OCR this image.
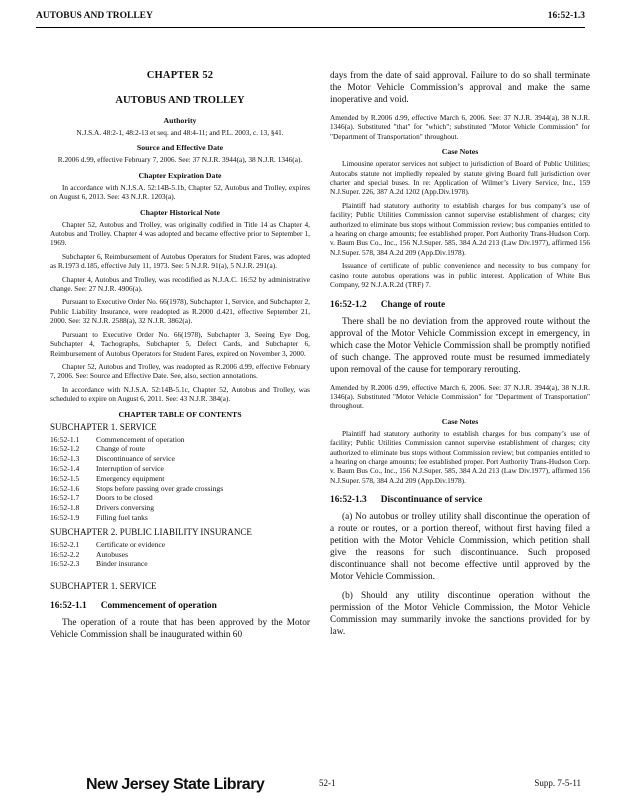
AUTOBUS AND TROLLEY	16:52-1.3
CHAPTER 52
AUTOBUS AND TROLLEY
Authority
N.J.S.A. 48:2-1, 48:2-13 et seq. and 48:4-11; and P.L. 2003, c. 13, §41.
Source and Effective Date
R.2006 d.99, effective February 7, 2006. See: 37 N.J.R. 3944(a), 38 N.J.R. 1346(a).
Chapter Expiration Date
In accordance with N.J.S.A. 52:14B-5.1b, Chapter 52, Autobus and Trolley, expires on August 6, 2013. See: 43 N.J.R. 1203(a).
Chapter Historical Note
Chapter 52, Autobus and Trolley, was originally codified in Title 14 as Chapter 4, Autobus and Trolley. Chapter 4 was adopted and became effective prior to September 1, 1969.
Subchapter 6, Reimbursement of Autobus Operators for Student Fares, was adopted as R.1973 d.185, effective July 11, 1973. See: 5 N.J.R. 91(a), 5 N.J.R. 291(a).
Chapter 4, Autobus and Trolley, was recodified as N.J.A.C. 16:52 by administrative change. See: 27 N.J.R. 4906(a).
Pursuant to Executive Order No. 66(1978), Subchapter 1, Service, and Subchapter 2, Public Liability Insurance, were readopted as R.2000 d.421, effective September 21, 2000. See: 32 N.J.R. 2588(a), 32 N.J.R. 3862(a).
Pursuant to Executive Order No. 66(1978), Subchapter 3, Seeing Eye Dog, Subchapter 4, Tachographs, Subchapter 5, Defect Cards, and Subchapter 6, Reimbursement of Autobus Operators for Student Fares, expired on November 3, 2000.
Chapter 52, Autobus and Trolley, was readopted as R.2006 d.99, effective February 7, 2006. See: Source and Effective Date. See, also, section annotations.
In accordance with N.J.S.A. 52:14B-5.1c, Chapter 52, Autobus and Trolley, was scheduled to expire on August 6, 2011. See: 43 N.J.R. 384(a).
CHAPTER TABLE OF CONTENTS
SUBCHAPTER 1. SERVICE
16:52-1.1	Commencement of operation
16:52-1.2	Change of route
16:52-1.3	Discontinuance of service
16:52-1.4	Interruption of service
16:52-1.5	Emergency equipment
16:52-1.6	Stops before passing over grade crossings
16:52-1.7	Doors to be closed
16:52-1.8	Drivers conversing
16:52-1.9	Filling fuel tanks
SUBCHAPTER 2. PUBLIC LIABILITY INSURANCE
16:52-2.1	Certificate or evidence
16:52-2.2	Autobuses
16:52-2.3	Binder insurance
SUBCHAPTER 1. SERVICE
16:52-1.1 Commencement of operation
The operation of a route that has been approved by the Motor Vehicle Commission shall be inaugurated within 60
days from the date of said approval. Failure to do so shall terminate the Motor Vehicle Commission’s approval and make the same inoperative and void.
Amended by R.2006 d.99, effective March 6, 2006. See: 37 N.J.R. 3944(a), 38 N.J.R. 1346(a). Substituted "that" for "which"; substituted "Motor Vehicle Commission" for "Department of Transportation" throughout.
Case Notes
Limousine operator services not subject to jurisdiction of Board of Public Utilities; Autocabs statute not impliedly repealed by statute giving Board full jurisdiction over charter and special buses. In re: Application of Wilmer’s Livery Service, Inc., 159 N.J.Super. 226, 387 A.2d 1202 (App.Div.1978).
Plaintiff had statutory authority to establish charges for bus company’s use of facility; Public Utilities Commission cannot supervise establishment of charges; city authorized to eliminate bus stops without Commission review; bus companies entitled to a hearing on charge amounts; fee established proper. Port Authority Trans-Hudson Corp. v. Baum Bus Co., Inc., 156 N.J.Super. 585, 384 A.2d 213 (Law Div.1977), affirmed 156 N.J.Super. 578, 384 A.2d 209 (App.Div.1978).
Issuance of certificate of public convenience and necessity to bus company for casino route autobus operations was in public interest. Application of White Bus Company, 92 N.J.A.R.2d (TRF) 7.
16:52-1.2 Change of route
There shall be no deviation from the approved route without the approval of the Motor Vehicle Commission except in emergency, in which case the Motor Vehicle Commission shall be promptly notified of such change. The approved route must be resumed immediately upon removal of the cause for temporary rerouting.
Amended by R.2006 d.99, effective March 6, 2006. See: 37 N.J.R. 3944(a), 38 N.J.R. 1346(a). Substituted "Motor Vehicle Commission" for "Department of Transportation" throughout.
Case Notes
Plaintiff had statutory authority to establish charges for bus company’s use of facility; Public Utilities Commission cannot supervise establishment of charges; city authorized to eliminate bus stops without Commission review; but companies entitled to a hearing on charge amounts; fee established proper. Port Authority Trans-Hudson Corp. v. Baum Bus Co., Inc., 156 N.J.Super. 585, 384 A.2d 213 (Law Div.1977), affirmed 156 N.J.Super. 578, 384 A.2d 209 (App.Div.1978).
16:52-1.3 Discontinuance of service
(a) No autobus or trolley utility shall discontinue the operation of a route or routes, or a portion thereof, without first having filed a petition with the Motor Vehicle Commission, which petition shall give the reasons for such discontinuance. Such proposed discontinuance shall not become effective until approved by the Motor Vehicle Commission.
(b) Should any utility discontinue operation without the permission of the Motor Vehicle Commission, the Motor Vehicle Commission may summarily invoke the sanctions provided for by law.
New Jersey State Library	52-1	Supp. 7-5-11
